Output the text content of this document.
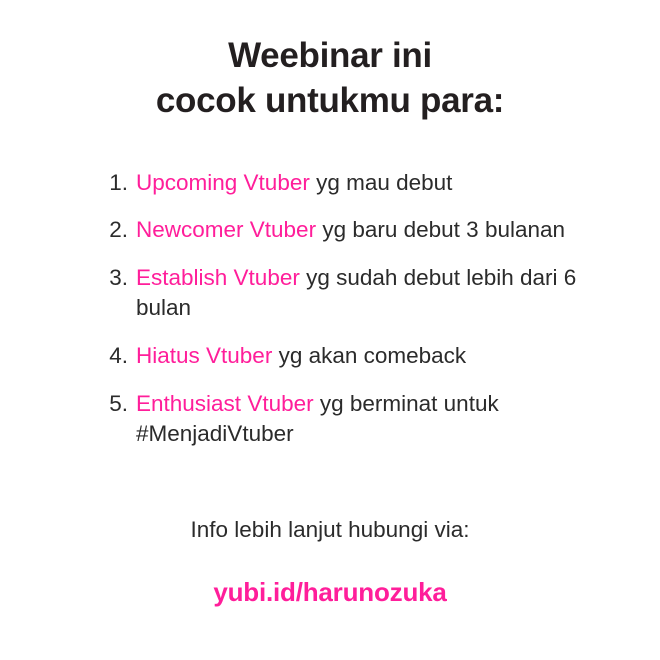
Weebinar ini
cocok untukmu para:
1. Upcoming Vtuber yg mau debut
2. Newcomer Vtuber yg baru debut 3 bulanan
3. Establish Vtuber yg sudah debut lebih dari 6 bulan
4. Hiatus Vtuber yg akan comeback
5. Enthusiast Vtuber yg berminat untuk #MenjadiVtuber
Info lebih lanjut hubungi via:
yubi.id/harunozuka
